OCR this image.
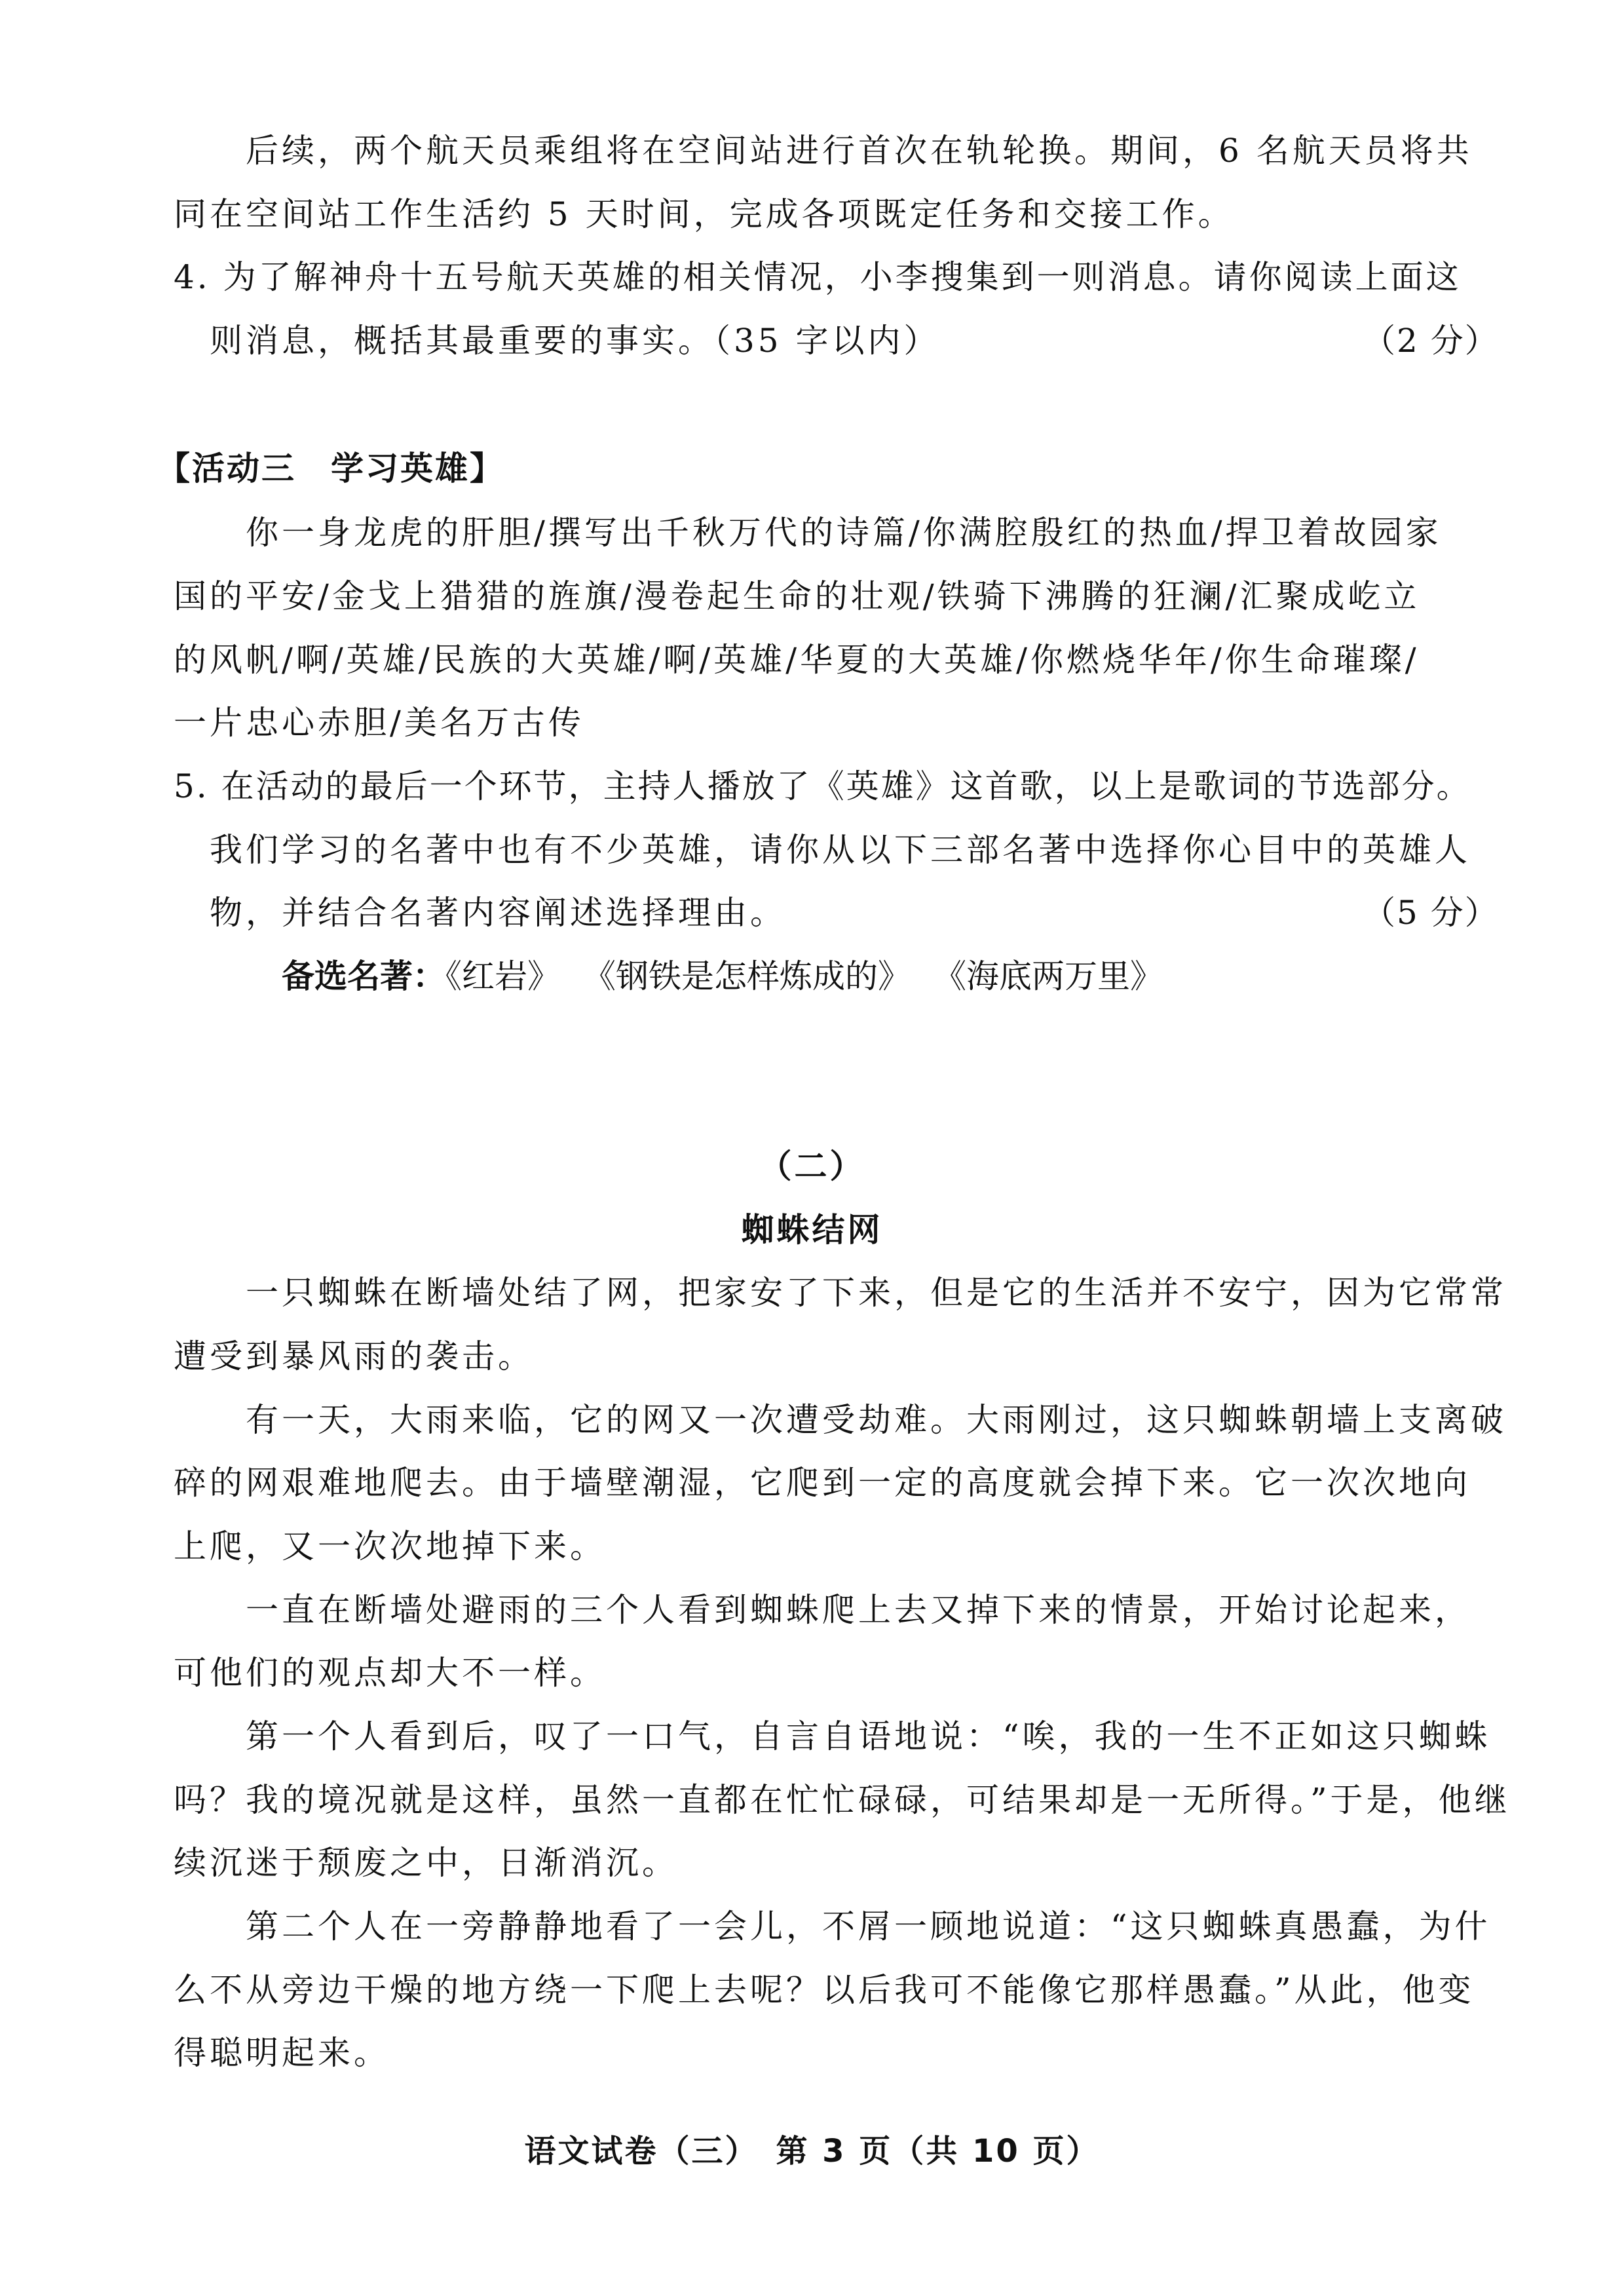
后续，两个航天员乘组将在空间站进行首次在轨轮换。期间，6 名航天员将共
同在空间站工作生活约 5 天时间，完成各项既定任务和交接工作。
4. 为了解神舟十五号航天英雄的相关情况，小李搜集到一则消息。请你阅读上面这
则消息，概括其最重要的事实。（35 字以内）	（2 分）
【活动三　学习英雄】
你一身龙虎的肝胆/撰写出千秋万代的诗篇/你满腔殷红的热血/捍卫着故园家
国的平安/金戈上猎猎的旌旗/漫卷起生命的壮观/铁骑下沸腾的狂澜/汇聚成屹立
的风帆/啊/英雄/民族的大英雄/啊/英雄/华夏的大英雄/你燃烧华年/你生命璀璨/
一片忠心赤胆/美名万古传
5. 在活动的最后一个环节，主持人播放了《英雄》这首歌，以上是歌词的节选部分。
我们学习的名著中也有不少英雄，请你从以下三部名著中选择你心目中的英雄人
物，并结合名著内容阐述选择理由。	（5 分）
备选名著：《红岩》 《钢铁是怎样炼成的》 《海底两万里》
（二）
蜘蛛结网
一只蜘蛛在断墙处结了网，把家安了下来，但是它的生活并不安宁，因为它常常
遭受到暴风雨的袭击。
有一天，大雨来临，它的网又一次遭受劫难。大雨刚过，这只蜘蛛朝墙上支离破
碎的网艰难地爬去。由于墙壁潮湿，它爬到一定的高度就会掉下来。它一次次地向
上爬，又一次次地掉下来。
一直在断墙处避雨的三个人看到蜘蛛爬上去又掉下来的情景，开始讨论起来，
可他们的观点却大不一样。
第一个人看到后，叹了一口气，自言自语地说：“唉，我的一生不正如这只蜘蛛
吗？我的境况就是这样，虽然一直都在忙忙碌碌，可结果却是一无所得。”于是，他继
续沉迷于颓废之中，日渐消沉。
第二个人在一旁静静地看了一会儿，不屑一顾地说道：“这只蜘蛛真愚蠢，为什
么不从旁边干燥的地方绕一下爬上去呢？以后我可不能像它那样愚蠢。”从此，他变
得聪明起来。
语文试卷（三）　第 3 页（共 10 页）
